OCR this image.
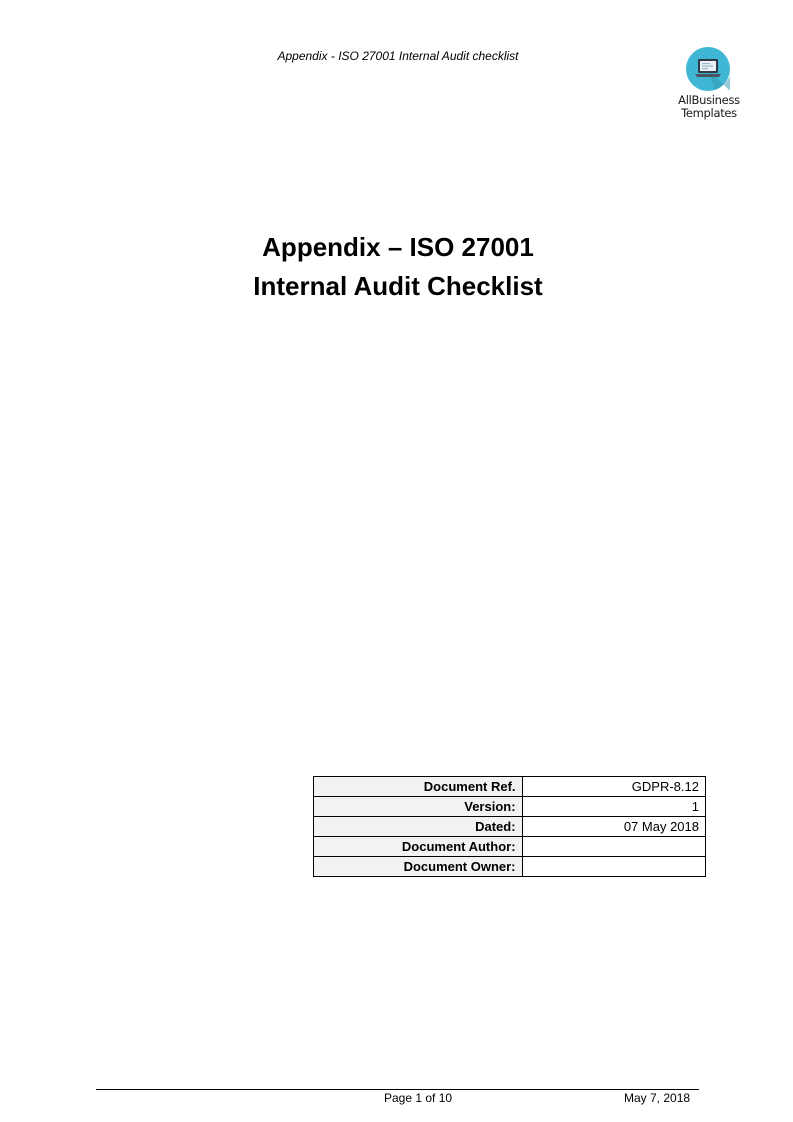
Appendix - ISO 27001 Internal Audit checklist
AllBusiness
Templates
Appendix – ISO 27001
Internal Audit Checklist
Document Ref.	GDPR-8.12
Version:	1
Dated:	07 May 2018
Document Author:	
Document Owner:	
Page 1 of 10	May 7, 2018
